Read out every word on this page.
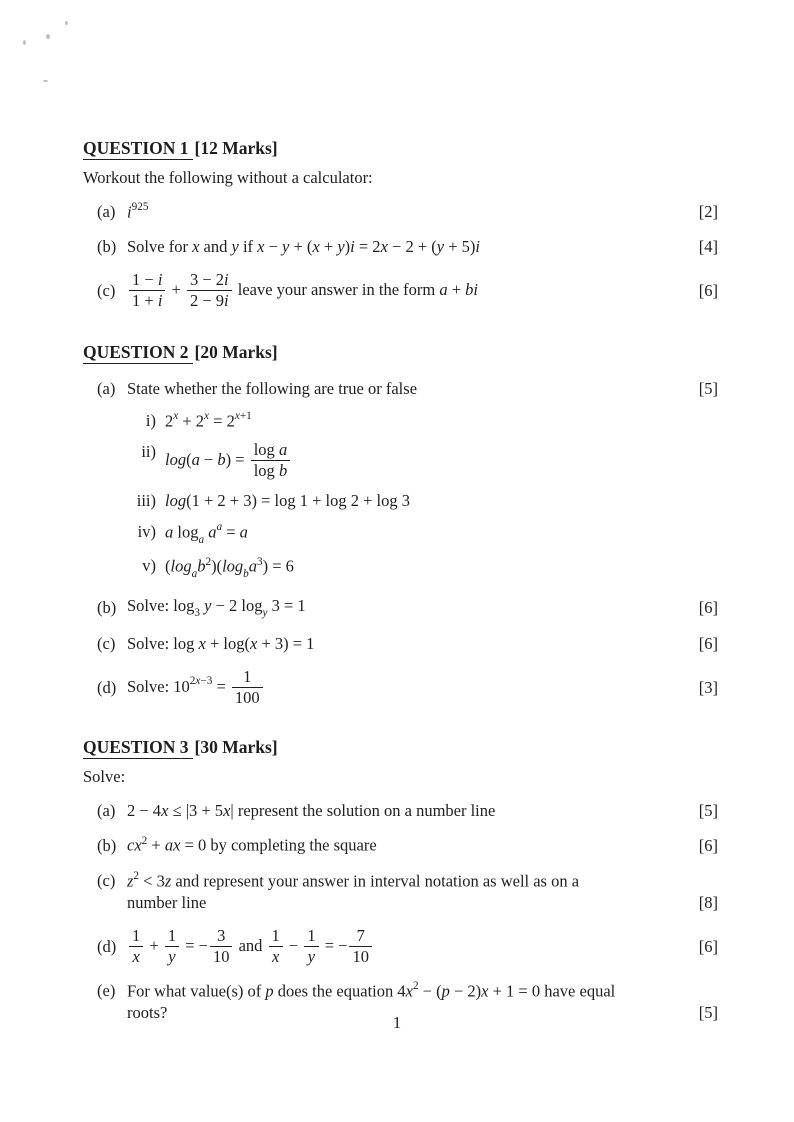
QUESTION 1 [12 Marks]

Workout the following without a calculator:

(a) $i^{925}$	[2]
(b) Solve for x and y if x − y + (x + y)i = 2x − 2 + (y + 5)i	[4]
$(c) \frac{1 - i}{1 + i} + \frac{3 - 2i}{2 - 9i}$ leave your answer in the form a + bi	[6]
QUESTION 2 [20 Marks]
(a) State whether the following are true or false	[5]
i) $2^x + 2^x = 2^{x+1}$
ii) $\log(a - b) = \frac{\text{log a}}{\text{log b}}$
iii) log(1 + 2 + 3) = log 1 + log 2 + log 3
iv) a $\log_a a^a = a$
v) $(\log_ab^2)(\log_ba^3) = 6$
(b) Solve: $\log_3 y - 2$ $\log_y 3 = 1$	[6]
(c) Solve: log x + log(x + 3) = 1	[6]
(d) Solve: $10^{2x-3} = \frac{1}{100}$	[3]
QUESTION 3 [30 Marks]

Solve:

(a) 2 − 4x ≤ |3 + 5x| represent the solution on a number line	[5]
(b) $cx^2$ + ax = 0 by completing the square	[6]
(c) $z^2 < 3z$ and represent your answer in interval notation as well as on a
number line	[8]
$(d) \frac{1}{x} + \frac{1}{y}$ = − $\frac{3}{10}$ and $\frac{1}{x} - \frac{1}{y}$ = − $\frac{7}{10}$	[6]
(e) For what value(s) of p does the equation $4x^2 - (p - 2)x + 1 = 0$ have equal
roots?	[5]
1
